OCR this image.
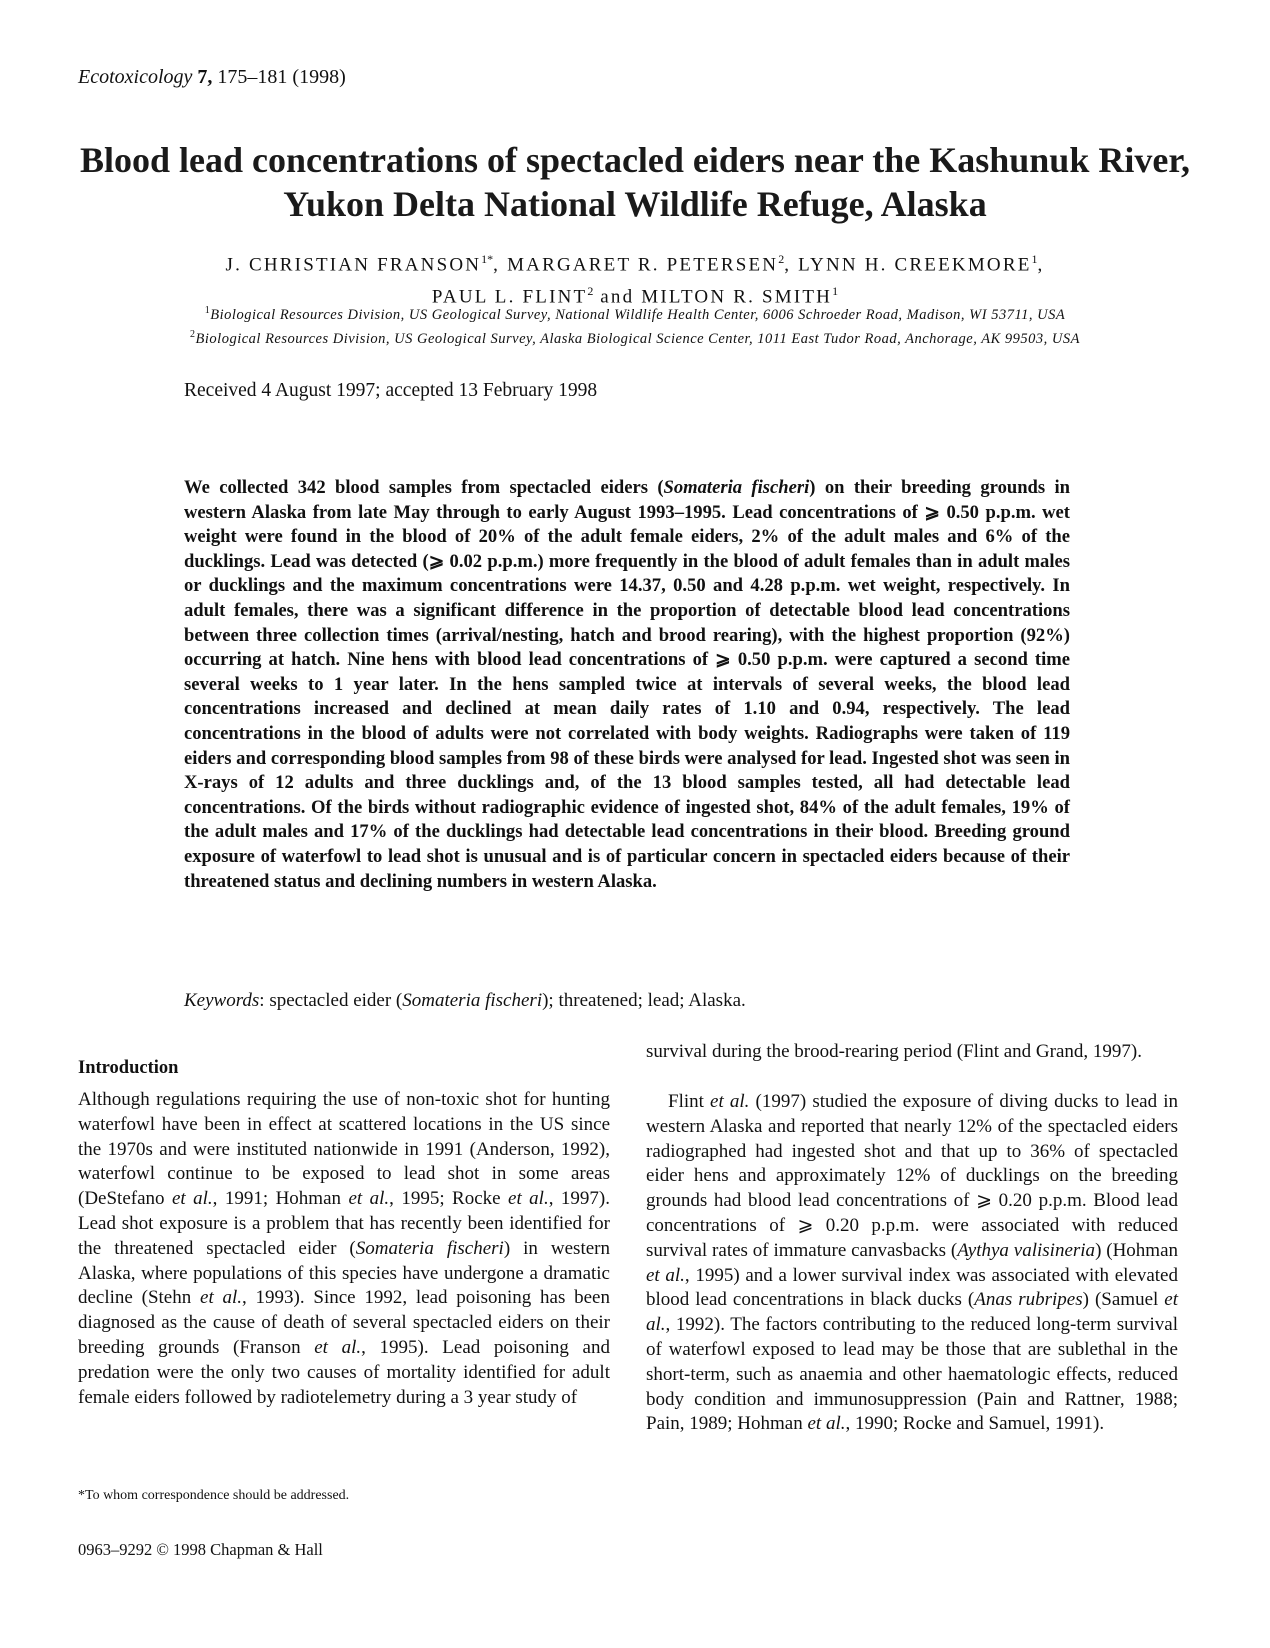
Ecotoxicology 7, 175–181 (1998)
Blood lead concentrations of spectacled eiders near the Kashunuk River, Yukon Delta National Wildlife Refuge, Alaska
J. CHRISTIAN $FRANSON^{1*}$, MARGARET R. PETERSEN$^2$, LYNN H. CREEKMORE$^1$,
PAUL L. FLINT$^2$ and MILTON R. SMITH$^1$
$^1$Biological Resources Division, US Geological Survey, National Wildlife Health Center, 6006 Schroeder Road, Madison, WI 53711, USA
$^2$Biological Resources Division, US Geological Survey, Alaska Biological Science Center, 1011 East Tudor Road, Anchorage, AK 99503, USA
Received 4 August 1997; accepted 13 February 1998

We collected 342 blood samples from spectacled eiders (Somateria fischeri) on their breeding grounds in western Alaska from late May through to early August 1993–1995. Lead concentrations of ⩾ 0.50 p.p.m. wet weight were found in the blood of 20% of the adult female eiders, 2% of the adult males and 6% of the ducklings. Lead was detected (⩾ 0.02 p.p.m.) more frequently in the blood of adult females than in adult males or ducklings and the maximum concentrations were 14.37, 0.50 and 4.28 p.p.m. wet weight, respectively. In adult females, there was a significant difference in the proportion of detectable blood lead concentrations between three collection times (arrival/nesting, hatch and brood rearing), with the highest proportion (92%) occurring at hatch. Nine hens with blood lead concentrations of ⩾ 0.50 p.p.m. were captured a second time several weeks to 1 year later. In the hens sampled twice at intervals of several weeks, the blood lead concentrations increased and declined at mean daily rates of 1.10 and 0.94, respectively. The lead concentrations in the blood of adults were not correlated with body weights. Radiographs were taken of 119 eiders and corresponding blood samples from 98 of these birds were analysed for lead. Ingested shot was seen in X-rays of 12 adults and three ducklings and, of the 13 blood samples tested, all had detectable lead concentrations. Of the birds without radiographic evidence of ingested shot, 84% of the adult females, 19% of the adult males and 17% of the ducklings had detectable lead concentrations in their blood. Breeding ground exposure of waterfowl to lead shot is unusual and is of particular concern in spectacled eiders because of their threatened status and declining numbers in western Alaska.

Keywords: spectacled eider (Somateria fischeri); threatened; lead; Alaska.
Introduction

Although regulations requiring the use of non-toxic shot for hunting waterfowl have been in effect at scattered locations in the US since the 1970s and were instituted nationwide in 1991 (Anderson, 1992), waterfowl continue to be exposed to lead shot in some areas (DeStefano et al., 1991; Hohman et al., 1995; Rocke et al., 1997). Lead shot exposure is a problem that has recently been identified for the threatened spectacled eider (Somateria fischeri) in western Alaska, where populations of this species have undergone a dramatic decline (Stehn et al., 1993). Since 1992, lead poisoning has been diagnosed as the cause of death of several spectacled eiders on their breeding grounds (Franson et al., 1995). Lead poisoning and predation were the only two causes of mortality identified for adult female eiders followed by radiotelemetry during a 3 year study of

survival during the brood-rearing period (Flint and Grand, 1997).

Flint et al. (1997) studied the exposure of diving ducks to lead in western Alaska and reported that nearly 12% of the spectacled eiders radiographed had ingested shot and that up to 36% of spectacled eider hens and approximately 12% of ducklings on the breeding grounds had blood lead concentrations of ⩾ 0.20 p.p.m. Blood lead concentrations of ⩾ 0.20 p.p.m. were associated with reduced survival rates of immature canvasbacks (Aythya valisineria) (Hohman et al., 1995) and a lower survival index was associated with elevated blood lead concentrations in black ducks (Anas rubripes) (Samuel et al., 1992). The factors contributing to the reduced long-term survival of waterfowl exposed to lead may be those that are sublethal in the short-term, such as anaemia and other haematologic effects, reduced body condition and immunosuppression (Pain and Rattner, 1988; Pain, 1989; Hohman et al., 1990; Rocke and Samuel, 1991).

*To whom correspondence should be addressed.
0963–9292 © 1998 Chapman & Hall
